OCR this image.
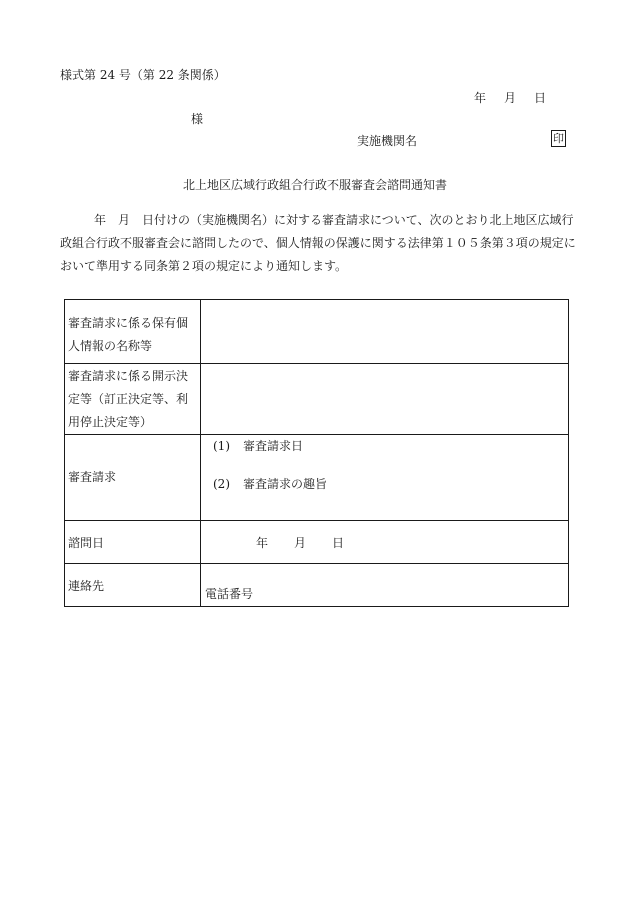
様式第 24 号（第 22 条関係）
年 月 日
様
実施機関名	印
北上地区広域行政組合行政不服審査会諮問通知書
年　月　日付けの（実施機関名）に対する審査請求について、次のとおり北上地区広域行政組合行政不服審査会に諮問したので、個人情報の保護に関する法律第１０５条第３項の規定において準用する同条第２項の規定により通知します。
審査請求に係る保有個人情報の名称等	

審査請求に係る開示決定等（訂正決定等、利用停止決定等）	

審査請求	(1) 審査請求日
(2) 審査請求の趣旨

諮問日	年 月 日

連絡先	電話番号
